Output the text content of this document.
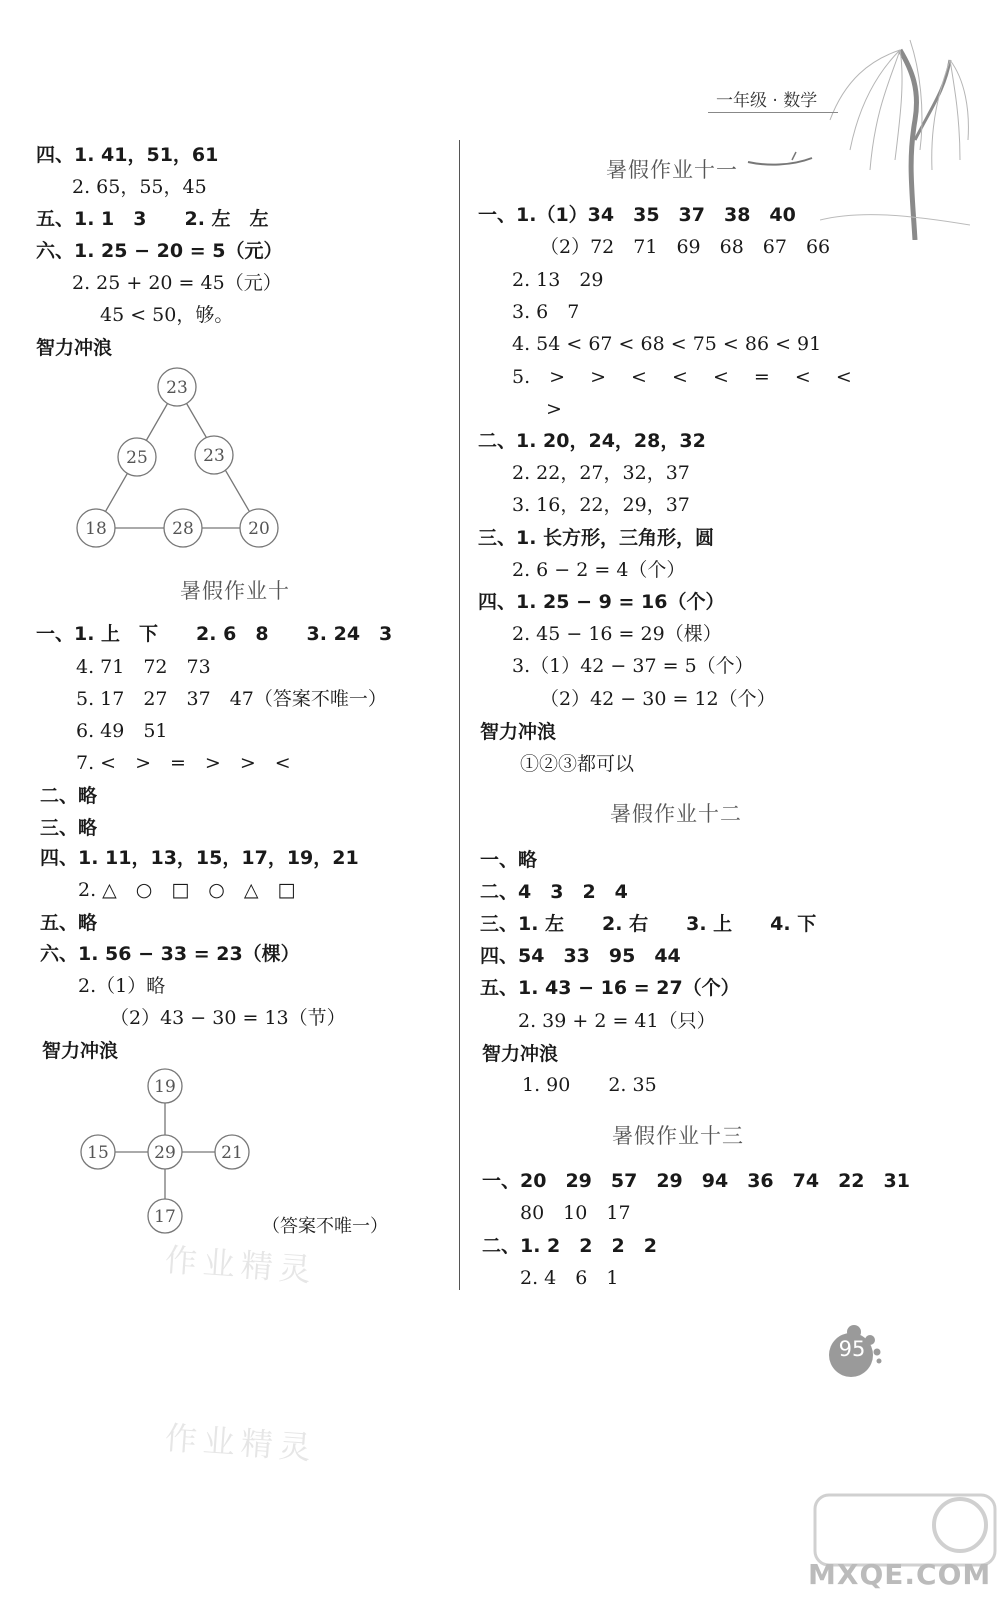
一年级 · 数学
四、1. 41，51，61
2. 65，55，45
五、1. 1　3　　2. 左　左
六、1. 25 − 20 = 5（元）
2. 25 + 20 = 45（元）
45 < 50，够。
智力冲浪
23
25	23
18	28	20
暑假作业十
一、1. 上　下　　2. 6　8　　3. 24　3
4. 71　72　73
5. 17　27　37　47（答案不唯一）
6. 49　51
7. <　>　=　>　>　<
二、略
三、略
四、1. 11，13，15，17，19，21
2. △　○　□　○　△　□
五、略
六、1. 56 − 33 = 23（棵）
2.（1）略
（2）43 − 30 = 13（节）
智力冲浪
19
15	29	21
17	（答案不唯一）
作业精灵
作业精灵
暑假作业十一
一、1.（1）34　35　37　38　40
（2）72　71　69　68　67　66
2. 13　29
3. 6　7
4. 54 < 67 < 68 < 75 < 86 < 91
5.　>　 >　 <　 <　 <　 =　 <　 <
>
二、1. 20，24，28，32
2. 22，27，32，37
3. 16，22，29，37
三、1. 长方形，三角形，圆
2. 6 − 2 = 4（个）
四、1. 25 − 9 = 16（个）
2. 45 − 16 = 29（棵）
3.（1）42 − 37 = 5（个）
（2）42 − 30 = 12（个）
智力冲浪
①②③都可以
暑假作业十二
一、略
二、4　3　2　4
三、1. 左　　2. 右　　3. 上　　4. 下
四、54　33　95　44
五、1. 43 − 16 = 27（个）
2. 39 + 2 = 41（只）
智力冲浪
1. 90　　2. 35
暑假作业十三
一、20　29　57　29　94　36　74　22　31
80　10　17
二、1. 2　2　2　2
2. 4　6　1
95
MXQE.COM
